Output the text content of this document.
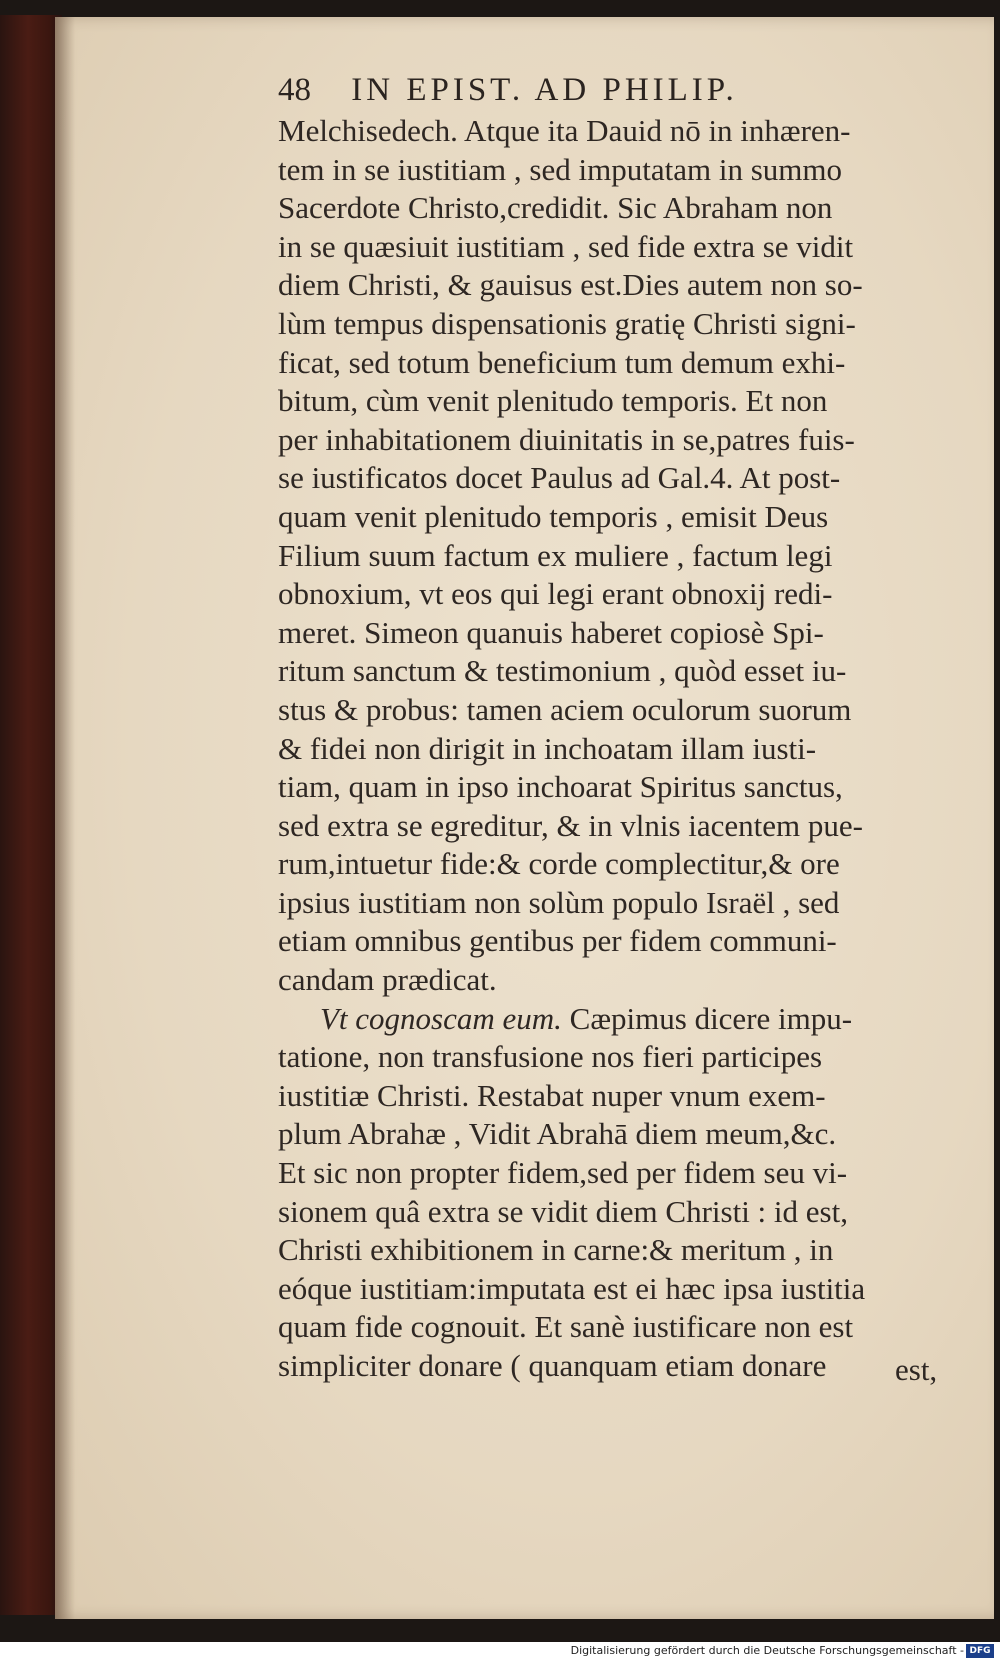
48 IN EPIST. AD PHILIP.
Melchisedech. Atque ita Dauid nō in inhæren-
tem in se iustitiam , sed imputatam in summo
Sacerdote Christo,credidit. Sic Abraham non
in se quæsiuit iustitiam , sed fide extra se vidit
diem Christi, & gauisus est.Dies autem non so-
lùm tempus dispensationis gratię Christi signi-
ficat, sed totum beneficium tum demum exhi-
bitum, cùm venit plenitudo temporis. Et non
per inhabitationem diuinitatis in se,patres fuis-
se iustificatos docet Paulus ad Gal.4. At post-
quam venit plenitudo temporis , emisit Deus
Filium suum factum ex muliere , factum legi
obnoxium, vt eos qui legi erant obnoxij redi-
meret. Simeon quanuis haberet copiosè Spi-
ritum sanctum & testimonium , quòd esset iu-
stus & probus: tamen aciem oculorum suorum
& fidei non dirigit in inchoatam illam iusti-
tiam, quam in ipso inchoarat Spiritus sanctus,
sed extra se egreditur, & in vlnis iacentem pue-
rum,intuetur fide:& corde complectitur,& ore
ipsius iustitiam non solùm populo Israël , sed
etiam omnibus gentibus per fidem communi-
candam prædicat.
Vt cognoscam eum. Cæpimus dicere impu-
tatione, non transfusione nos fieri participes
iustitiæ Christi. Restabat nuper vnum exem-
plum Abrahæ , Vidit Abrahā diem meum,&c.
Et sic non propter fidem,sed per fidem seu vi-
sionem quâ extra se vidit diem Christi : id est,
Christi exhibitionem in carne:& meritum , in
eóque iustitiam:imputata est ei hæc ipsa iustitia
quam fide cognouit. Et sanè iustificare non est
simpliciter donare ( quanquam etiam donare	est,
Digitalisierung gefördert durch die Deutsche Forschungsgemeinschaft - DFG
